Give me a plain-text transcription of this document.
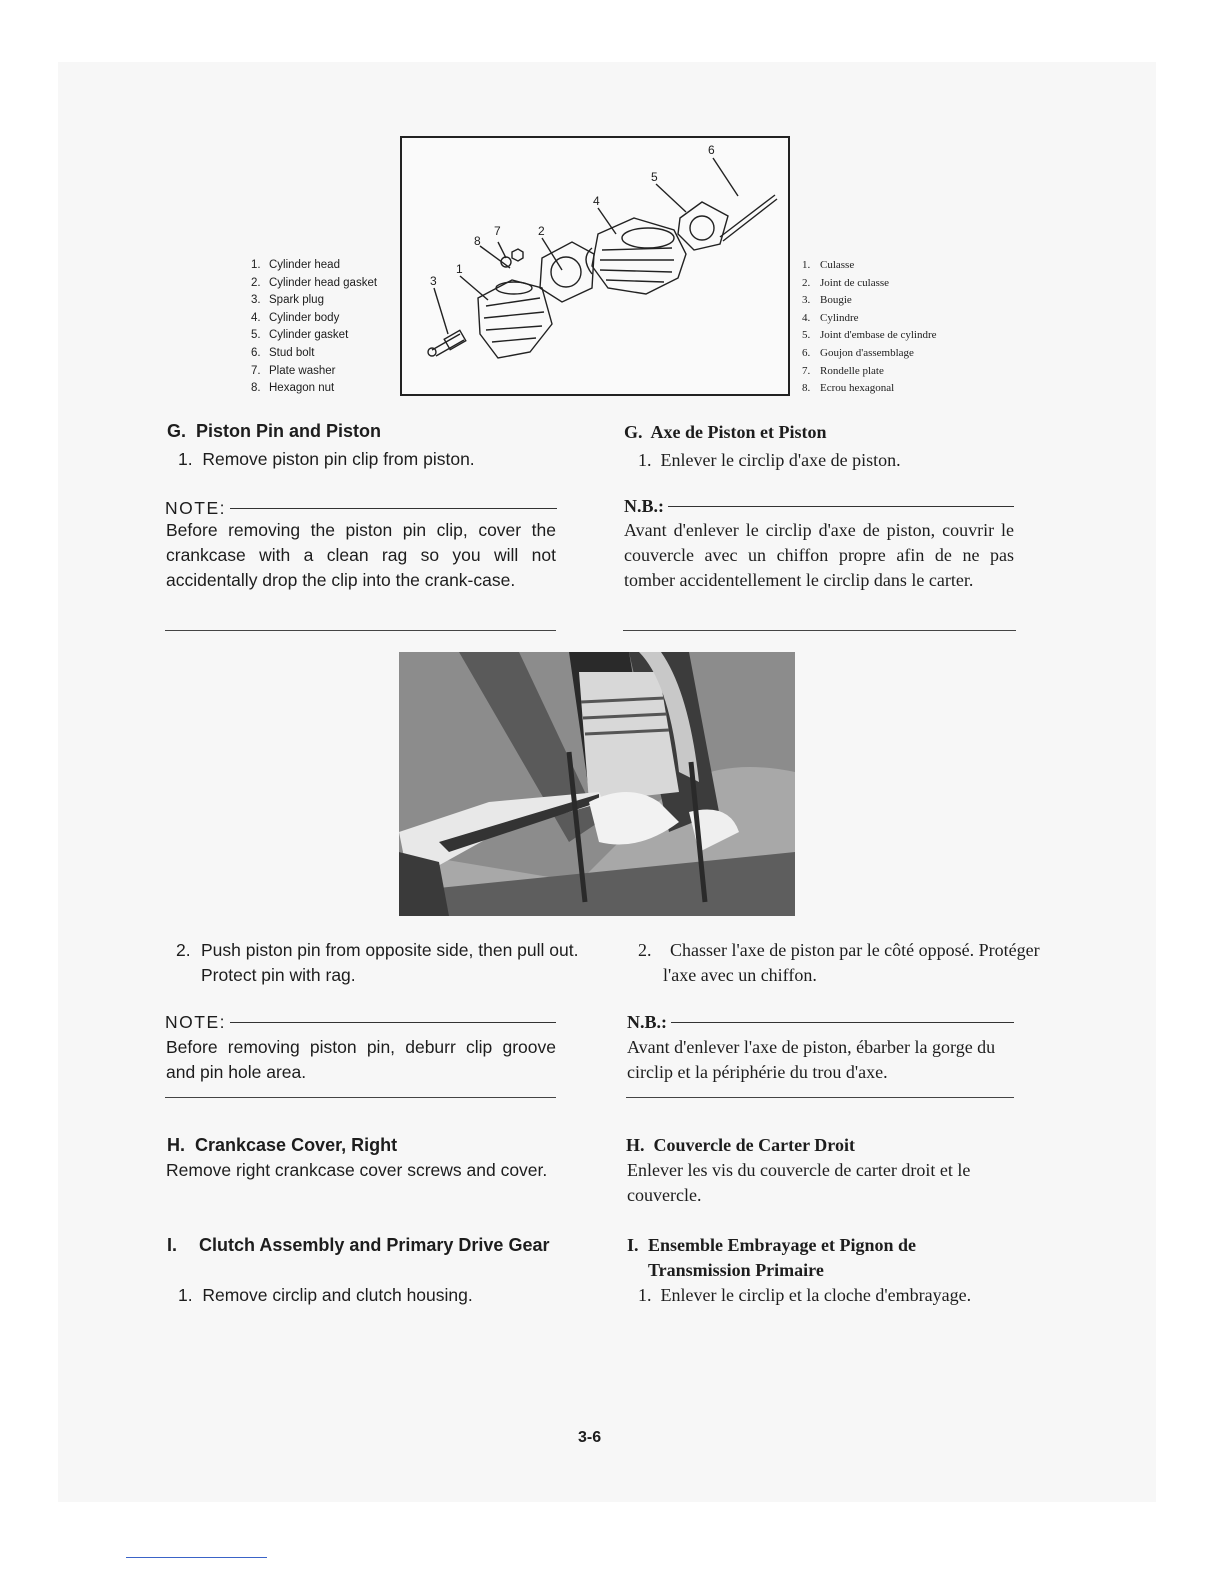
1. Cylinder head
2. Cylinder head gasket
3. Spark plug
4. Cylinder body
5. Cylinder gasket
6. Stud bolt
7. Plate washer
8. Hexagon nut
6
5
4
2
7
8
1
3
1. Culasse
2. Joint de culasse
3. Bougie
4. Cylindre
5. Joint d'embase de cylindre
6. Goujon d'assemblage
7. Rondelle plate
8. Ecrou hexagonal
G.  Piston Pin and Piston
1.  Remove piston pin clip from piston.
NOTE:
Before removing the piston pin clip, cover the crankcase with a clean rag so you will not accidentally drop the clip into the crank-case.
G.  Axe de Piston et Piston
1.  Enlever le circlip d'axe de piston.
N.B.:
Avant d'enlever le circlip d'axe de piston, couvrir le couvercle avec un chiffon propre afin de ne pas tomber accidentellement le circlip dans le carter.
2. Push piston pin from opposite side, then pull out. Protect pin with rag.
NOTE:
Before removing piston pin, deburr clip groove and pin hole area.
2. Chasser l'axe de piston par le côté opposé. Protéger l'axe avec un chiffon.
N.B.:
Avant d'enlever l'axe de piston, ébarber la gorge du circlip et la périphérie du trou d'axe.
H.  Crankcase Cover, Right
Remove right crankcase cover screws and cover.
H.  Couvercle de Carter Droit
Enlever les vis du couvercle de carter droit et le couvercle.
I. Clutch Assembly and Primary Drive Gear
1.  Remove circlip and clutch housing.
I. Ensemble Embrayage et Pignon de Transmission Primaire
1.  Enlever le circlip et la cloche d'embrayage.
3-6
